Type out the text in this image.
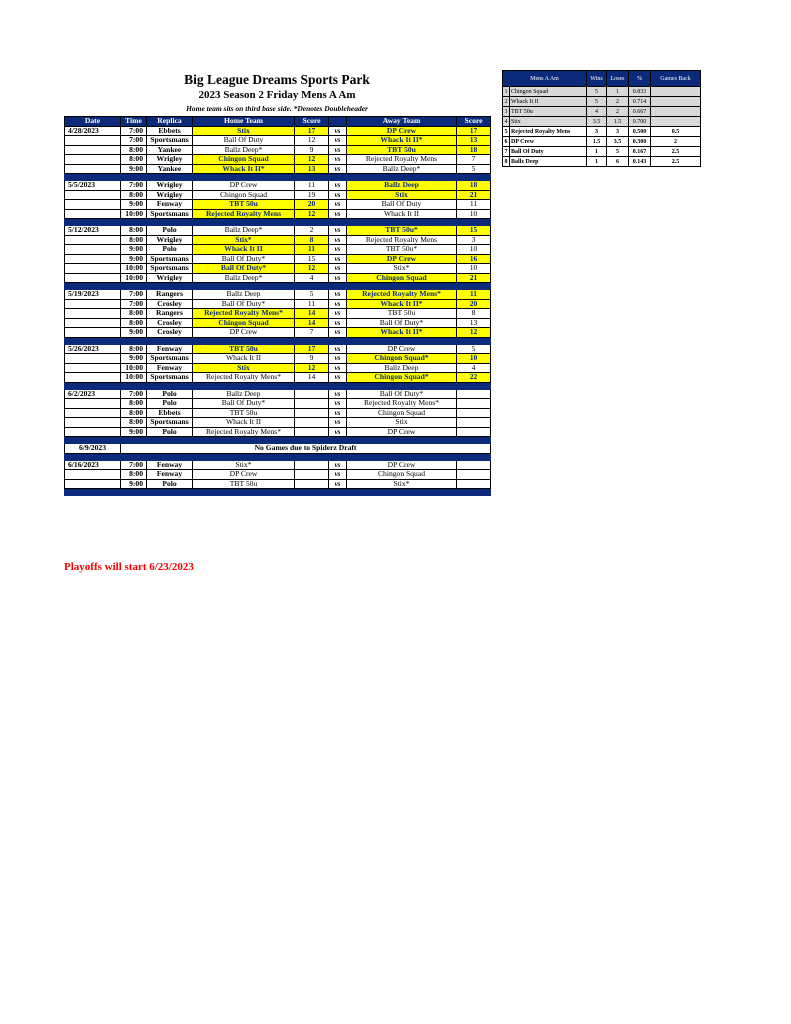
Big League Dreams Sports Park
2023 Season 2 Friday Mens A Am
Home team sits on third base side. *Denotes Doubleheader
Date	Time	Replica	Home Team	Score		Away Team	Score
4/28/2023	7:00	Ebbets	Stix	17	vs	DP Crew	17
	7:00	Sportsmans	Ball Of Duty	12	vs	Whack It II*	13
	8:00	Yankee	Ballz Deep*	9	vs	TBT 50u	18
	8:00	Wrigley	Chingon Squad	12	vs	Rejected Royalty Mens	7
	9:00	Yankee	Whack It II*	13	vs	Ballz Deep*	5

5/5/2023	7:00	Wrigley	DP Crew	11	vs	Ballz Deep	18
	8:00	Wrigley	Chingon Squad	19	vs	Stix	21
	9:00	Fenway	TBT 50u	20	vs	Ball Of Duty	11
	10:00	Sportsmans	Rejected Royalty Mens	12	vs	Whack It II	10

5/12/2023	8:00	Polo	Ballz Deep*	2	vs	TBT 50u*	15
	8:00	Wrigley	Stix*	8	vs	Rejected Royalty Mens	3
	9:00	Polo	Whack It II	11	vs	TBT 50u*	10
	9:00	Sportsmans	Ball Of Duty*	15	vs	DP Crew	16
	10:00	Sportsmans	Ball Of Duty*	12	vs	Stix*	10
	10:00	Wrigley	Ballz Deep*	4	vs	Chingon Squad	21

5/19/2023	7:00	Rangers	Ballz Deep	5	vs	Rejected Royalty Mens*	11
	7:00	Crosley	Ball Of Duty*	11	vs	Whack It II*	20
	8:00	Rangers	Rejected Royalty Mens*	14	vs	TBT 50u	8
	8:00	Crosley	Chingon Squad	14	vs	Ball Of Duty*	13
	9:00	Crosley	DP Crew	7	vs	Whack It II*	12

5/26/2023	8:00	Fenway	TBT 50u	17	vs	DP Crew	5
	9:00	Sportsmans	Whack It II	9	vs	Chingon Squad*	10
	10:00	Fenway	Stix	12	vs	Ballz Deep	4
	10:00	Sportsmans	Rejected Royalty Mens*	14	vs	Chingon Squad*	22

6/2/2023	7:00	Polo	Ballz Deep		vs	Ball Of Duty*	
	8:00	Polo	Ball Of Duty*		vs	Rejected Royalty Mens*	
	8:00	Ebbets	TBT 50u		vs	Chingon Squad	
	8:00	Sportsmans	Whack It II		vs	Stix	
	9:00	Polo	Rejected Royalty Mens*		vs	DP Crew	

6/9/2023	No Games due to Spiderz Draft						

6/16/2023	7:00	Fenway	Stix*		vs	DP Crew	
	8:00	Fenway	DP Crew		vs	Chingon Squad	
	9:00	Polo	TBT 50u		vs	Stix*	

Playoffs will start 6/23/2023
Mens A Am		Wins	Loses	%	Games Back
1	Chingon Squad	5	1	0.833	
2	Whack It II	5	2	0.714	
3	TBT 50u	4	2	0.667	
4	Stix	3.5	1.5	0.700	
5	Rejected Royalty Mens	3	3	0.500	0.5
6	DP Crew	1.5	3.5	0.300	2
7	Ball Of Duty	1	5	0.167	2.5
8	Ballz Deep	1	6	0.143	2.5
